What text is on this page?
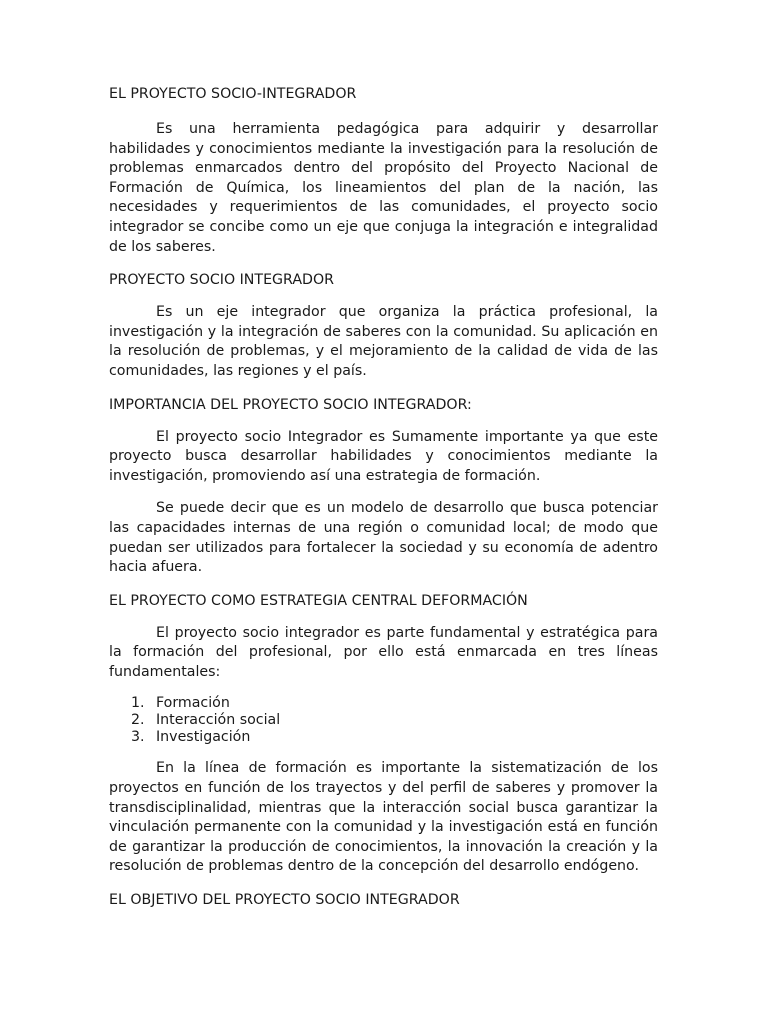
EL PROYECTO SOCIO-INTEGRADOR

Es una herramienta pedagógica para adquirir y desarrollar habilidades y conocimientos mediante la investigación para la resolución de problemas enmarcados dentro del propósito del Proyecto Nacional de Formación de Química, los lineamientos del plan de la nación, las necesidades y requerimientos de las comunidades, el proyecto socio integrador se concibe como un eje que conjuga la integración e integralidad de los saberes.

PROYECTO SOCIO INTEGRADOR

Es un eje integrador que organiza la práctica profesional, la investigación y la integración de saberes con la comunidad. Su aplicación en la resolución de problemas, y el mejoramiento de la calidad de vida de las comunidades, las regiones y el país.

IMPORTANCIA DEL PROYECTO SOCIO INTEGRADOR:

El proyecto socio Integrador es Sumamente importante ya que este proyecto busca desarrollar habilidades y conocimientos mediante la investigación, promoviendo así una estrategia de formación.

Se puede decir que es un modelo de desarrollo que busca potenciar las capacidades internas de una región o comunidad local; de modo que puedan ser utilizados para fortalecer la sociedad y su economía de adentro hacia afuera.

EL PROYECTO COMO ESTRATEGIA CENTRAL DEFORMACIÓN

El proyecto socio integrador es parte fundamental y estratégica para la formación del profesional, por ello está enmarcada en tres líneas fundamentales:

1. Formación
2. Interacción social
3. Investigación

En la línea de formación es importante la sistematización de los proyectos en función de los trayectos y del perfil de saberes y promover la transdisciplinalidad, mientras que la interacción social busca garantizar la vinculación permanente con la comunidad y la investigación está en función de garantizar la producción de conocimientos, la innovación la creación y la resolución de problemas dentro de la concepción del desarrollo endógeno.

EL OBJETIVO DEL PROYECTO SOCIO INTEGRADOR
